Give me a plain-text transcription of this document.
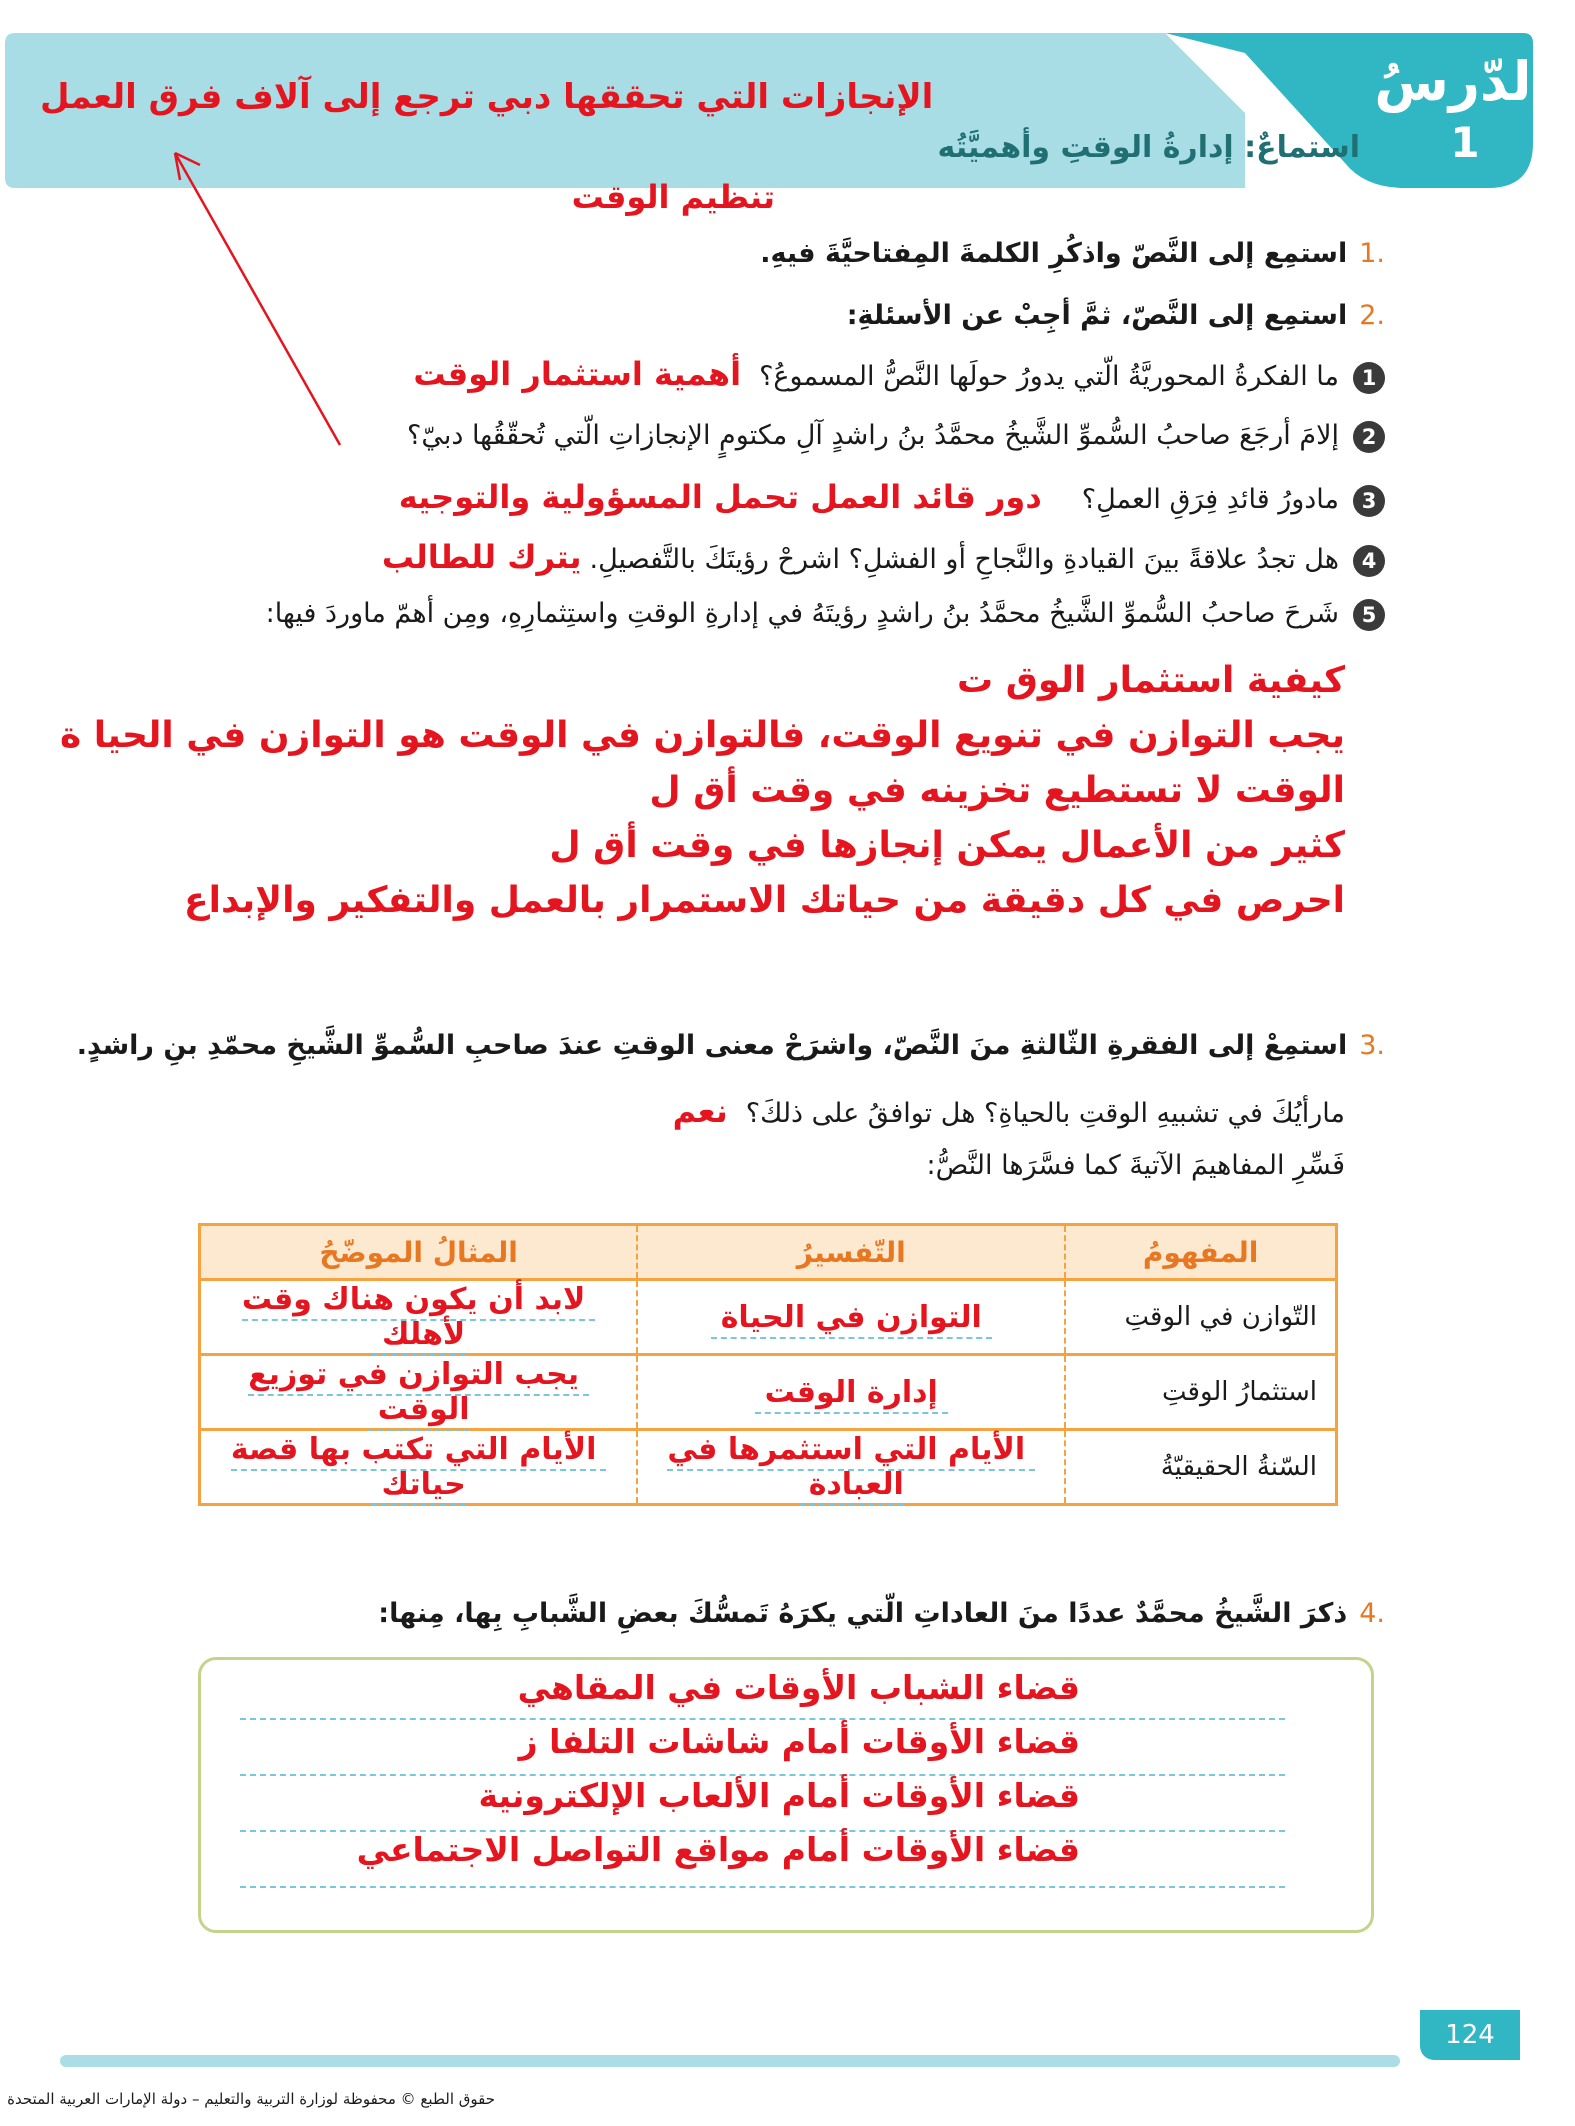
الدّرسُ
1
استماعٌ: إدارةُ الوقتِ وأهميَّتُه
الإنجازات التي تحققها دبي ترجع إلى آلاف فرق العمل
تنظيم الوقت
.1استمِع إلى النَّصّ واذكُرِ الكلمةَ المِفتاحيَّةَ فيهِ.
.2استمِع إلى النَّصّ، ثمَّ أجِبْ عن الأسئلةِ:
1ما الفكرةُ المحوريَّةُ الّتي يدورُ حولَها النَّصُّ المسموعُ؟أهمية استثمار الوقت
2إلامَ أرجَعَ صاحبُ السُّموِّ الشَّيخُ محمَّدُ بنُ راشدٍ آلِ مكتومٍ الإنجازاتِ الّتي تُحقّقُها دبيّ؟
3مادورُ قائدِ فِرَقِ العملِ؟دور قائد العمل تحمل المسؤولية والتوجيه
4هل تجدُ علاقةً بينَ القيادةِ والنَّجاحِ أو الفشلِ؟ اشرحْ رؤيتَكَ بالتَّفصيلِ.يترك للطالب
5شَرحَ صاحبُ السُّموِّ الشَّيخُ محمَّدُ بنُ راشدٍ رؤيتَهُ في إدارةِ الوقتِ واستِثمارِهِ، ومِن أهمّ ماوردَ فيها:
كيفية استثمار الوق ت
يجب التوازن في تنويع الوقت، فالتوازن في الوقت هو التوازن في الحيا ة
الوقت لا تستطيع تخزينه في وقت أق ل
كثير من الأعمال يمكن إنجازها في وقت أق ل
احرص في كل دقيقة من حياتك الاستمرار بالعمل والتفكير والإبداع
.3استمِعْ إلى الفقرةِ الثّالثةِ منَ النَّصّ، واشرَحْ معنى الوقتِ عندَ صاحبِ السُّموِّ الشَّيخِ محمّدِ بنِ راشدٍ.
مارأيُكَ في تشبيهِ الوقتِ بالحياةِ؟ هل توافقُ على ذلكَ؟نعم
فَسِّرِ المفاهيمَ الآتيةَ كما فسَّرَها النَّصُّ:
المفهومُ	التّفسيرُ	المثالُ الموضّحُ
التّوازن في الوقتِ	التوازن في الحياة	لابد أن يكون هناك وقت لأهلك
استثمارُ الوقتِ	إدارة الوقت	يجب التوازن في توزيع الوقت
السّنةُ الحقيقيّةُ	الأيام التي استثمرها في العبادة	الأيام التي تكتب بها قصة حياتك
.4ذكرَ الشَّيخُ محمَّدٌ عددًا منَ العاداتِ الّتي يكرَهُ تَمسُّكَ بعضِ الشَّبابِ بِها، مِنها:
قضاء الشباب الأوقات في المقاهي
قضاء الأوقات أمام شاشات التلفا ز
قضاء الأوقات أمام الألعاب الإلكترونية
قضاء الأوقات أمام مواقع التواصل الاجتماعي
124
حقوق الطبع © محفوظة لوزارة التربية والتعليم – دولة الإمارات العربية المتحدة
